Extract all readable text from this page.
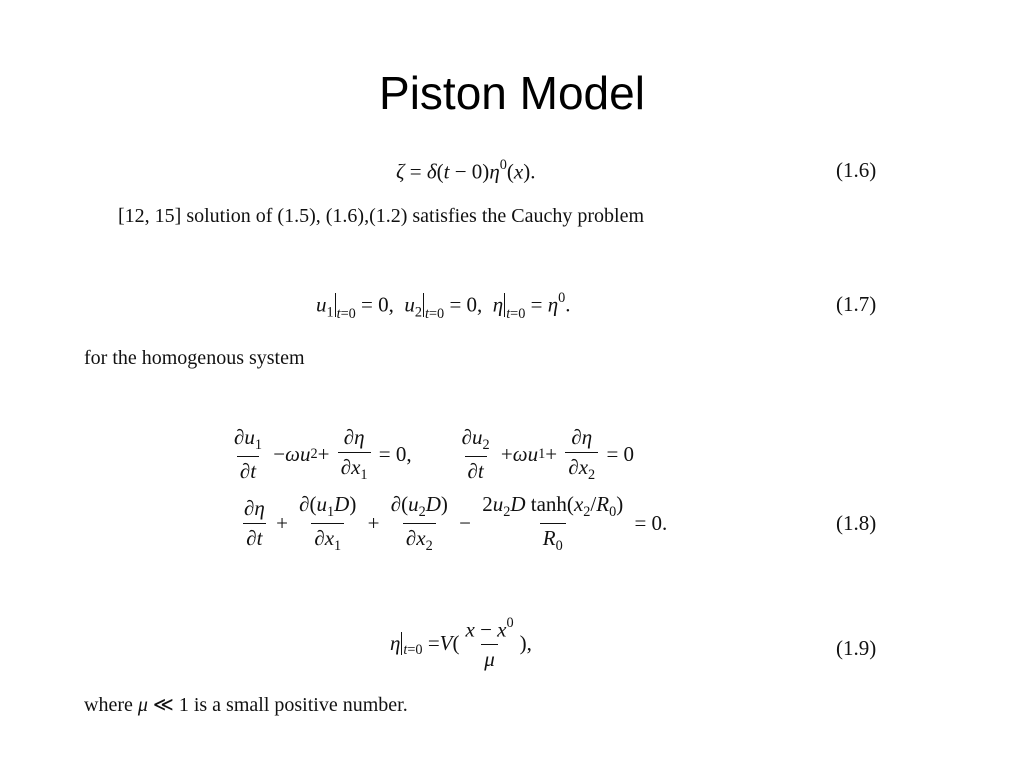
Piston Model
$\zeta = \delta(t - 0)\eta^0(x)$.	(1.6)
[12, 15] solution of (1.5), (1.6),(1.2) satisfies the Cauchy problem
$u_1$ $_{t=0}$ = 0,  $u_2$ $_{t=0}$ = 0,  η $_{t=0} = \eta^0$.	(1.7)
for the homogenous system
$\frac{\partial u_1}{\partial t} - \omega$ u $2 + \frac{\partial\eta}{\partial x_1} = 0$, $\frac{\partial u_2}{\partial t} + \omega$ u $1 + \frac{\partial\eta}{\partial x_2} = 0$
$\frac{\partial\eta}{\partial t} + \frac{\partial(u_1D)}{\partial x_1} + \frac{\partial(u_2D)}{\partial x_2} - \frac{2u_2D \tanh(x_2/R_0)}{R_0} = 0$.	(1.8)
η t=0 = V ( $\frac{x - x^0}{\mu}$ ),	(1.9)
where μ ≪ 1 is a small positive number.
